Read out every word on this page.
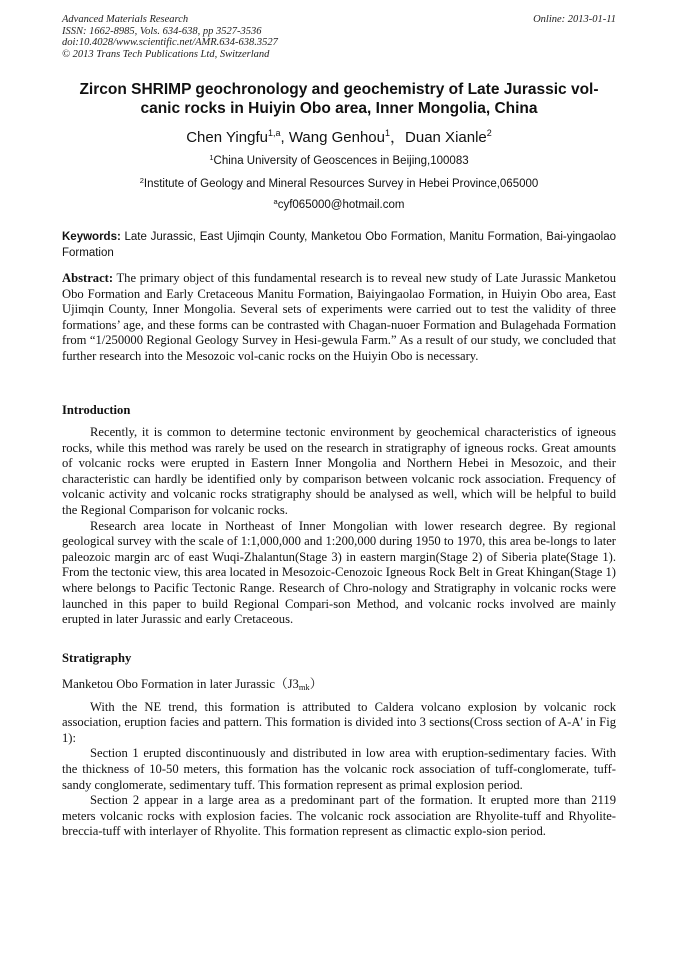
Advanced Materials Research
ISSN: 1662-8985, Vols. 634-638, pp 3527-3536
doi:10.4028/www.scientific.net/AMR.634-638.3527
© 2013 Trans Tech Publications Ltd, Switzerland
Online: 2013-01-11
Zircon SHRIMP geochronology and geochemistry of Late Jurassic vol-
canic rocks in Huiyin Obo area, Inner Mongolia, China
Chen Yingfu$^{1,a}$, Wang Genhou$^1$，Duan Xianle$^2$
$^1$China University of Geoscences in Beijing,100083
$^2$Institute of Geology and Mineral Resources Survey in Hebei Province,065000
$^a$cyf065000@hotmail.com
Keywords: Late Jurassic, East Ujimqin County, Manketou Obo Formation, Manitu Formation, Bai-yingaolao Formation

Abstract: The primary object of this fundamental research is to reveal new study of Late Jurassic Manketou Obo Formation and Early Cretaceous Manitu Formation, Baiyingaolao Formation, in Huiyin Obo area, East Ujimqin County, Inner Mongolia. Several sets of experiments were carried out to test the validity of three formations’ age, and these forms can be contrasted with Chagan-nuoer Formation and Bulagehada Formation from “1/250000 Regional Geology Survey in Hesi-gewula Farm.” As a result of our study, we concluded that further research into the Mesozoic vol-canic rocks on the Huiyin Obo is necessary.

Introduction

Recently, it is common to determine tectonic environment by geochemical characteristics of igneous rocks, while this method was rarely be used on the research in stratigraphy of igneous rocks. Great amounts of volcanic rocks were erupted in Eastern Inner Mongolia and Northern Hebei in Mesozoic, and their characteristic can hardly be identified only by comparison between volcanic rock association. Frequency of volcanic activity and volcanic rocks stratigraphy should be analysed as well, which will be helpful to build the Regional Comparison for volcanic rocks.

Research area locate in Northeast of Inner Mongolian with lower research degree. By regional geological survey with the scale of 1:1,000,000 and 1:200,000 during 1950 to 1970, this area be-longs to later paleozoic margin arc of east Wuqi-Zhalantun(Stage 3) in eastern margin(Stage 2) of Siberia plate(Stage 1). From the tectonic view, this area located in Mesozoic-Cenozoic Igneous Rock Belt in Great Khingan(Stage 1) where belongs to Pacific Tectonic Range. Research of Chro-nology and Stratigraphy in volcanic rocks were launched in this paper to build Regional Compari-son Method, and volcanic rocks involved are mainly erupted in later Jurassic and early Cretaceous.

Stratigraphy

Manketou Obo Formation in later $Jurassic(J3_{mk})$

With the NE trend, this formation is attributed to Caldera volcano explosion by volcanic rock association, eruption facies and pattern. This formation is divided into 3 sections(Cross section of A-A' in Fig 1):

Section 1 erupted discontinuously and distributed in low area with eruption-sedimentary facies. With the thickness of 10-50 meters, this formation has the volcanic rock association of tuff-conglomerate, tuff-sandy conglomerate, sedimentary tuff. This formation represent as primal explosion period.

Section 2 appear in a large area as a predominant part of the formation. It erupted more than 2119 meters volcanic rocks with explosion facies. The volcanic rock association are Rhyolite-tuff and Rhyolite-breccia-tuff with interlayer of Rhyolite. This formation represent as climactic explo-sion period.
